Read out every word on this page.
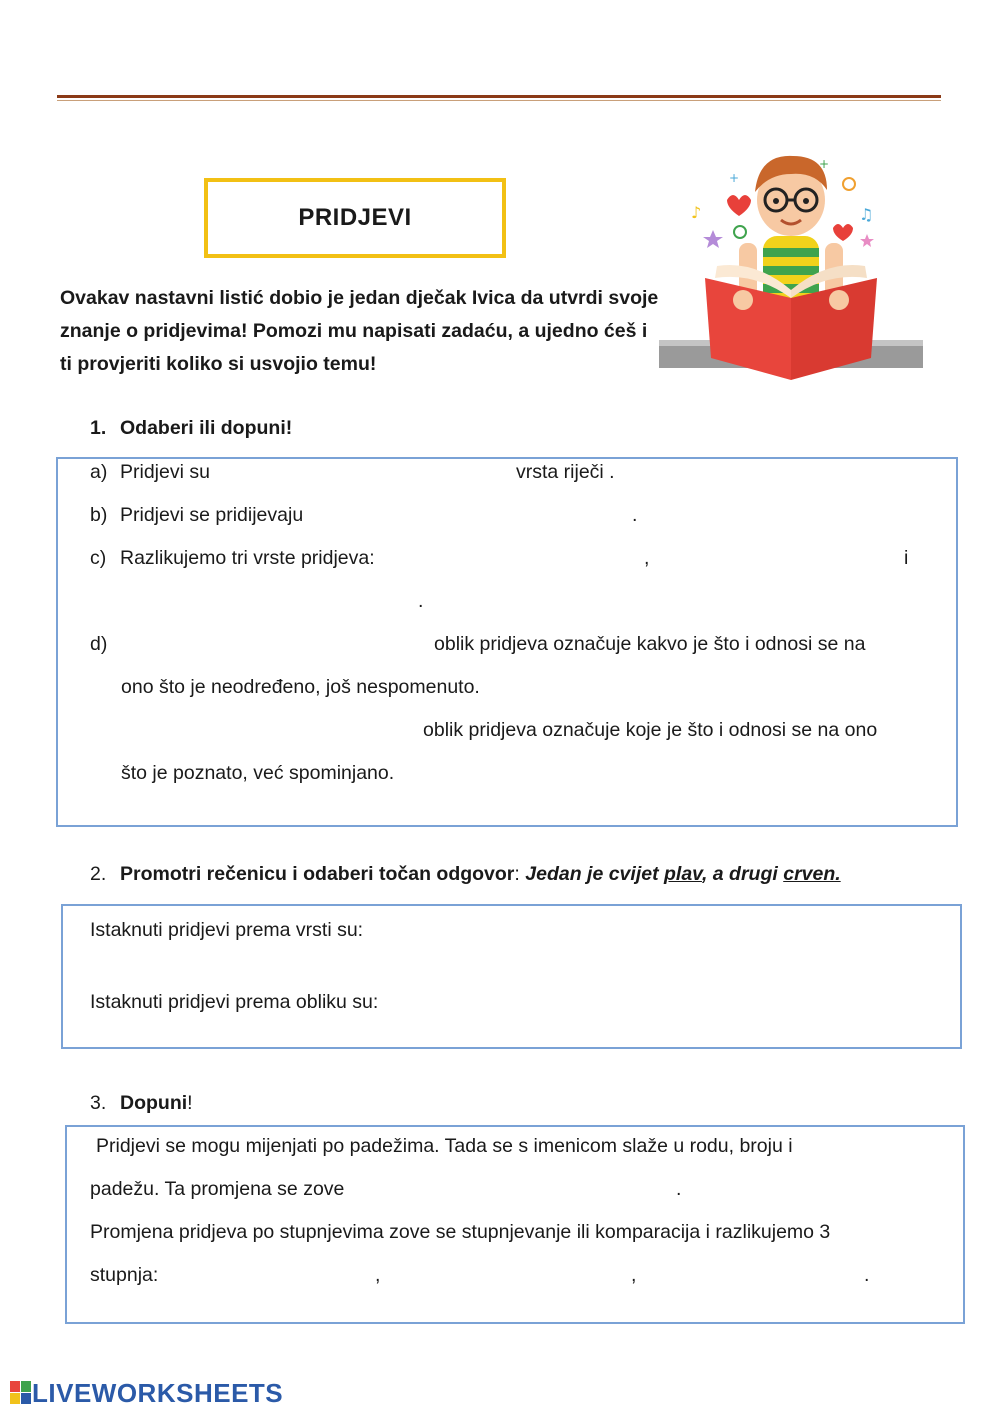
PRIDJEVI
Ovakav nastavni listić dobio je jedan dječak Ivica da utvrdi svoje znanje o pridjevima! Pomozi mu napisati zadaću, a ujedno ćeš i ti provjeriti koliko si usvojio temu!
♪	♫
+
+
1. Odaberi ili dopuni!
a) Pridjevi su	vrsta riječi .
b) Pridjevi se pridijevaju	.
c) Razlikujemo tri vrste pridjeva:	,	i
.
d)	oblik pridjeva označuje kakvo je što i odnosi se na
ono što je neodređeno, još nespomenuto.
oblik pridjeva označuje koje je što i odnosi se na ono
što je poznato, već spominjano.
2. Promotri rečenicu i odaberi točan odgovor: Jedan je cvijet plav, a drugi crven.
Istaknuti pridjevi prema vrsti su:
Istaknuti pridjevi prema obliku su:
3. Dopuni!
Pridjevi se mogu mijenjati po padežima. Tada se s imenicom slaže u rodu, broju i
padežu. Ta promjena se zove	.
Promjena pridjeva po stupnjevima zove se stupnjevanje ili komparacija i razlikujemo 3
stupnja:	,	,	.
LIVEWORKSHEETS
